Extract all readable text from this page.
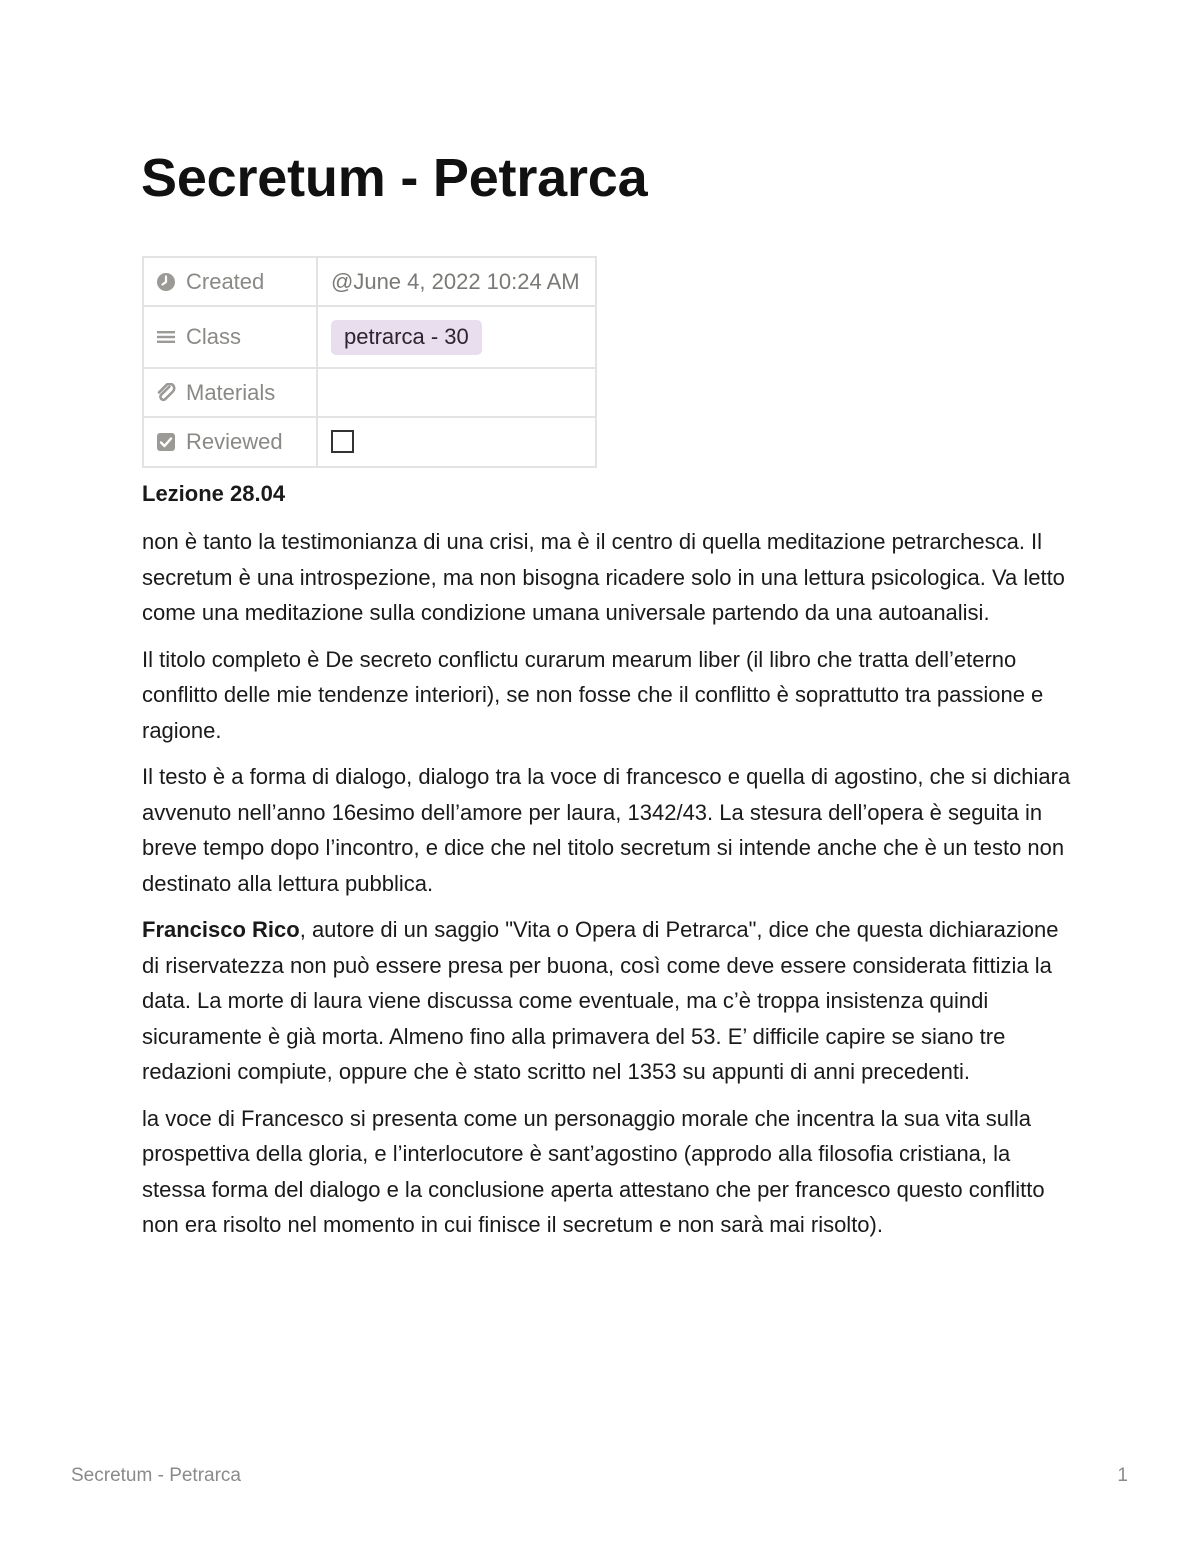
Secretum - Petrarca
Created	@June 4, 2022 10:24 AM

Class	petrarca - 30

Materials	

Reviewed	
Lezione 28.04

non è tanto la testimonianza di una crisi, ma è il centro di quella meditazione petrarchesca. Il secretum è una introspezione, ma non bisogna ricadere solo in una lettura psicologica. Va letto come una meditazione sulla condizione umana universale partendo da una autoanalisi.

Il titolo completo è De secreto conflictu curarum mearum liber (il libro che tratta dell’eterno conflitto delle mie tendenze interiori), se non fosse che il conflitto è soprattutto tra passione e ragione.

Il testo è a forma di dialogo, dialogo tra la voce di francesco e quella di agostino, che si dichiara avvenuto nell’anno 16esimo dell’amore per laura, 1342/43. La stesura dell’opera è seguita in breve tempo dopo l’incontro, e dice che nel titolo secretum si intende anche che è un testo non destinato alla lettura pubblica.

Francisco Rico, autore di un saggio "Vita o Opera di Petrarca", dice che questa dichiarazione di riservatezza non può essere presa per buona, così come deve essere considerata fittizia la data. La morte di laura viene discussa come eventuale, ma c’è troppa insistenza quindi sicuramente è già morta. Almeno fino alla primavera del 53. E’ difficile capire se siano tre redazioni compiute, oppure che è stato scritto nel 1353 su appunti di anni precedenti.

la voce di Francesco si presenta come un personaggio morale che incentra la sua vita sulla prospettiva della gloria, e l’interlocutore è sant’agostino (approdo alla filosofia cristiana, la stessa forma del dialogo e la conclusione aperta attestano che per francesco questo conflitto non era risolto nel momento in cui finisce il secretum e non sarà mai risolto).

Secretum - Petrarca	1
